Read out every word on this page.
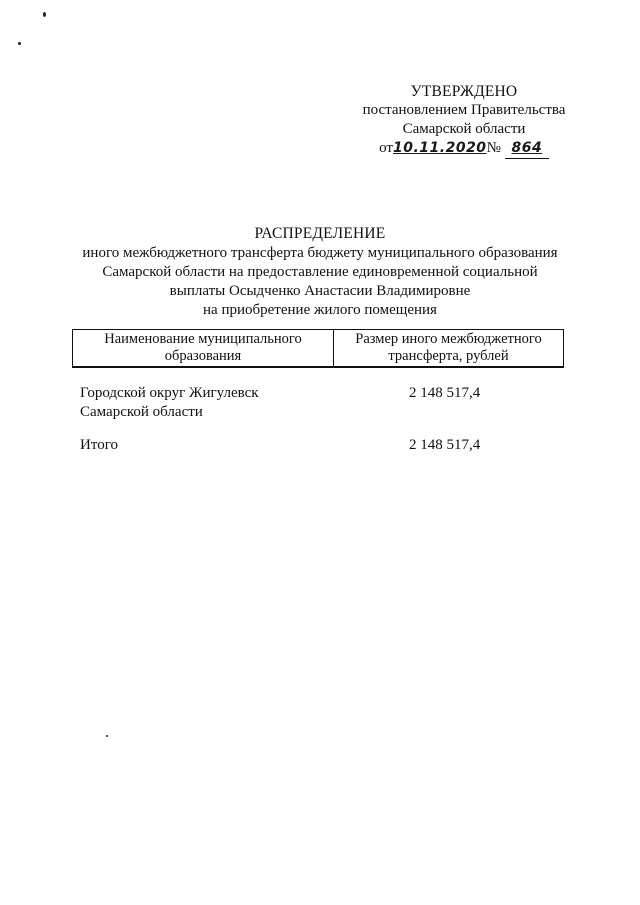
УТВЕРЖДЕНО
постановлением Правительства
Самарской области
от10.11.2020№ 864
РАСПРЕДЕЛЕНИЕ
иного межбюджетного трансферта бюджету муниципального образования
Самарской области на предоставление единовременной социальной
выплаты Осыдченко Анастасии Владимировне
на приобретение жилого помещения
Наименование муниципального
образования
Размер иного межбюджетного
трансферта, рублей
Городской округ Жигулевск
Самарской области
2 148 517,4
Итого	2 148 517,4
